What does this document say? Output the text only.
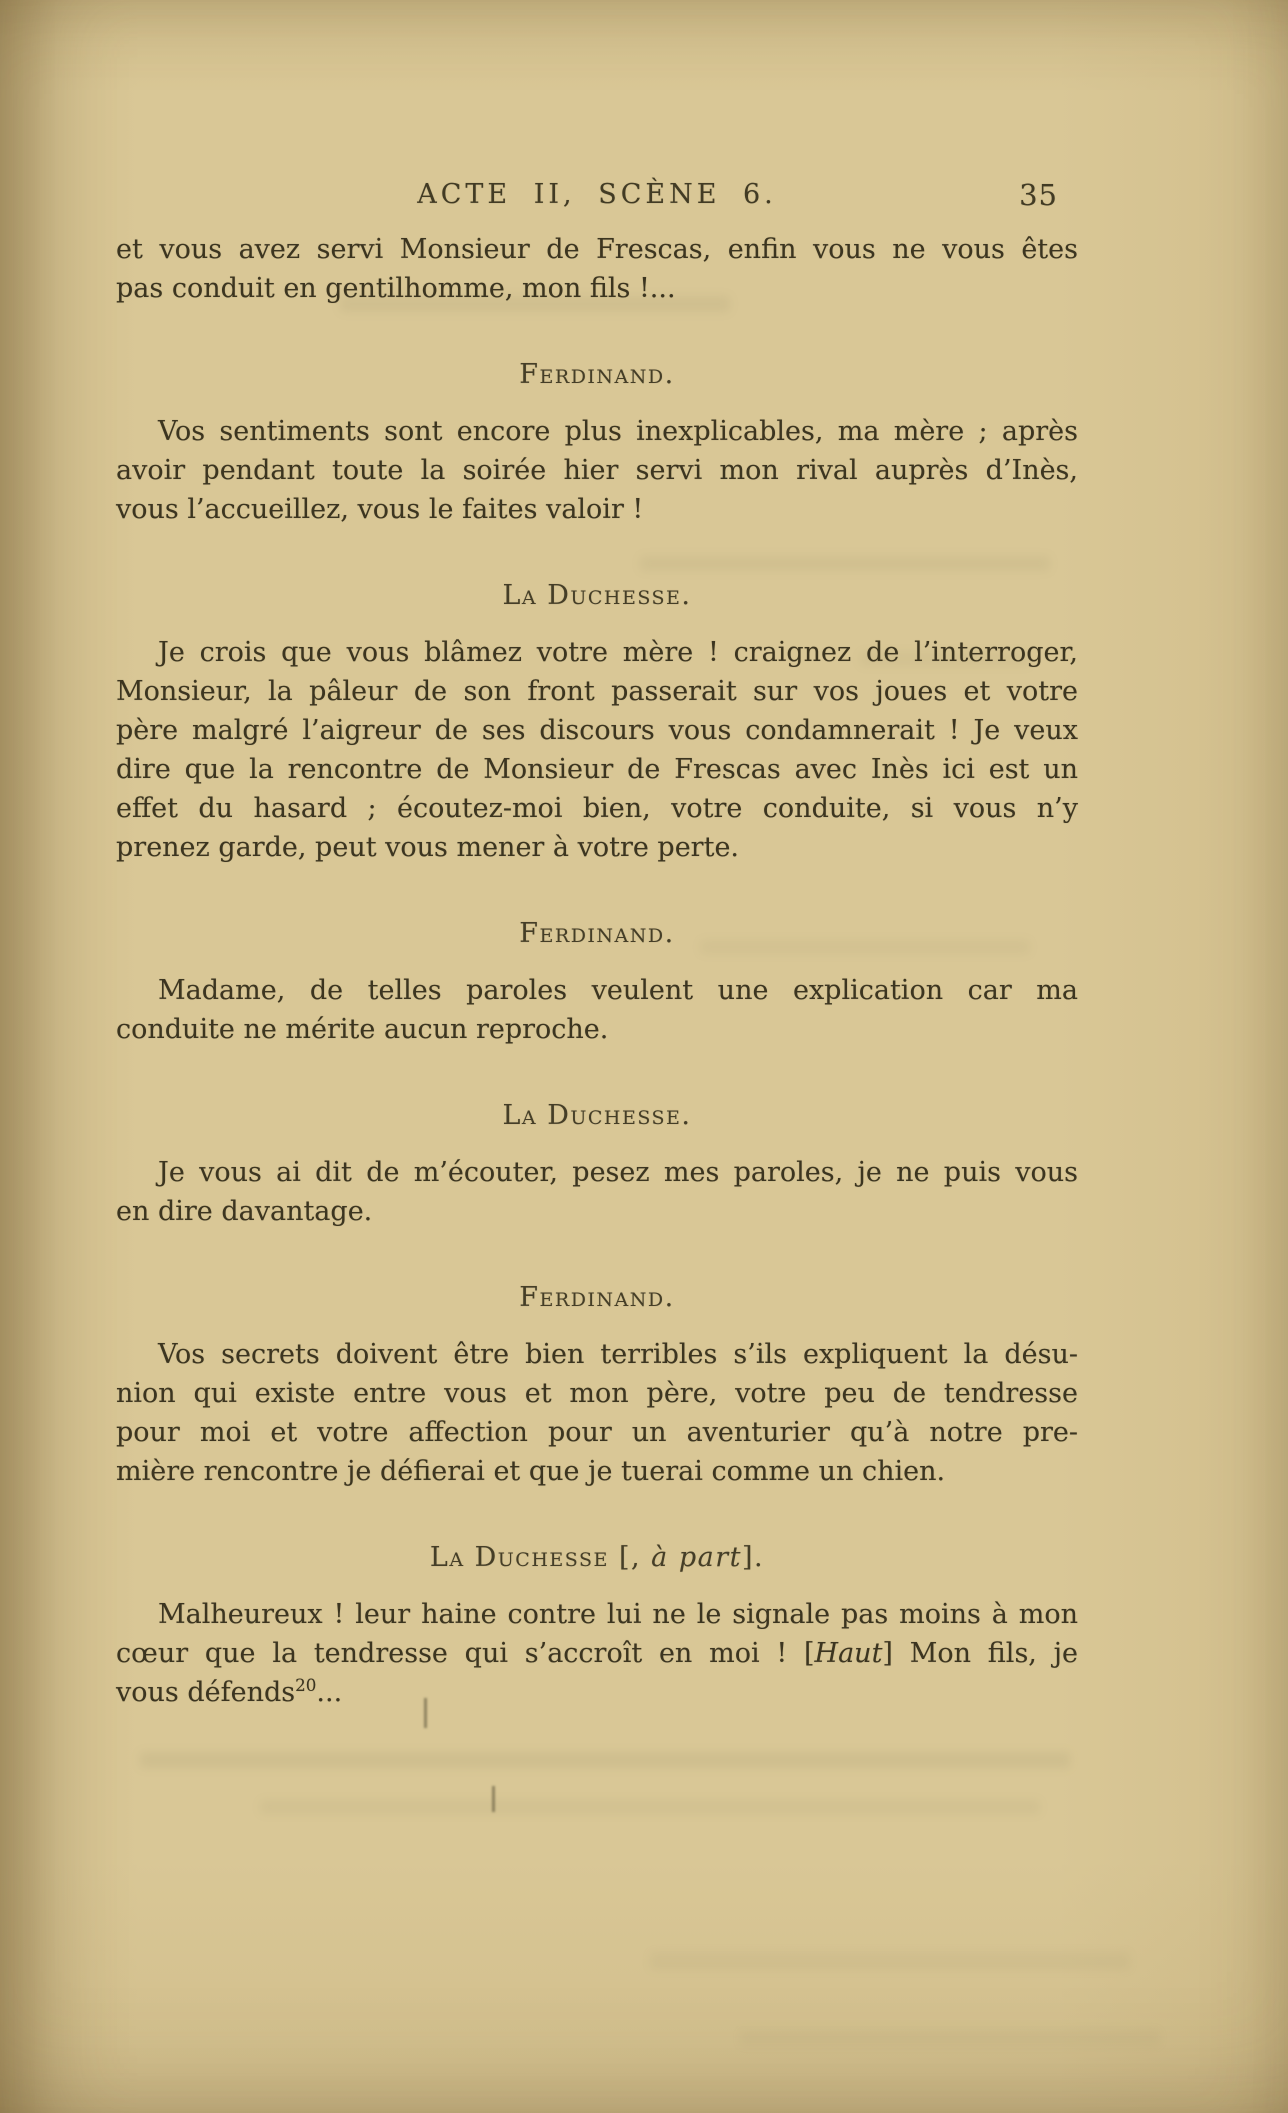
ACTE II, SCÈNE 6.	35
et vous avez servi Monsieur de Frescas, enfin vous ne vous êtes
pas conduit en gentilhomme, mon fils !...
Ferdinand.
Vos sentiments sont encore plus inexplicables, ma mère ; après
avoir pendant toute la soirée hier servi mon rival auprès d’Inès,
vous l’accueillez, vous le faites valoir !
La Duchesse.
Je crois que vous blâmez votre mère ! craignez de l’interroger,
Monsieur, la pâleur de son front passerait sur vos joues et votre
père malgré l’aigreur de ses discours vous condamnerait ! Je veux
dire que la rencontre de Monsieur de Frescas avec Inès ici est un
effet du hasard ; écoutez-moi bien, votre conduite, si vous n’y
prenez garde, peut vous mener à votre perte.
Ferdinand.
Madame, de telles paroles veulent une explication car ma
conduite ne mérite aucun reproche.
La Duchesse.
Je vous ai dit de m’écouter, pesez mes paroles, je ne puis vous
en dire davantage.
Ferdinand.
Vos secrets doivent être bien terribles s’ils expliquent la désu-
nion qui existe entre vous et mon père, votre peu de tendresse
pour moi et votre affection pour un aventurier qu’à notre pre-
mière rencontre je défierai et que je tuerai comme un chien.
La Duchesse [, à part].
Malheureux ! leur haine contre lui ne le signale pas moins à mon
cœur que la tendresse qui s’accroît en moi ! [Haut] Mon fils, je
vous défends$^{20}$...
